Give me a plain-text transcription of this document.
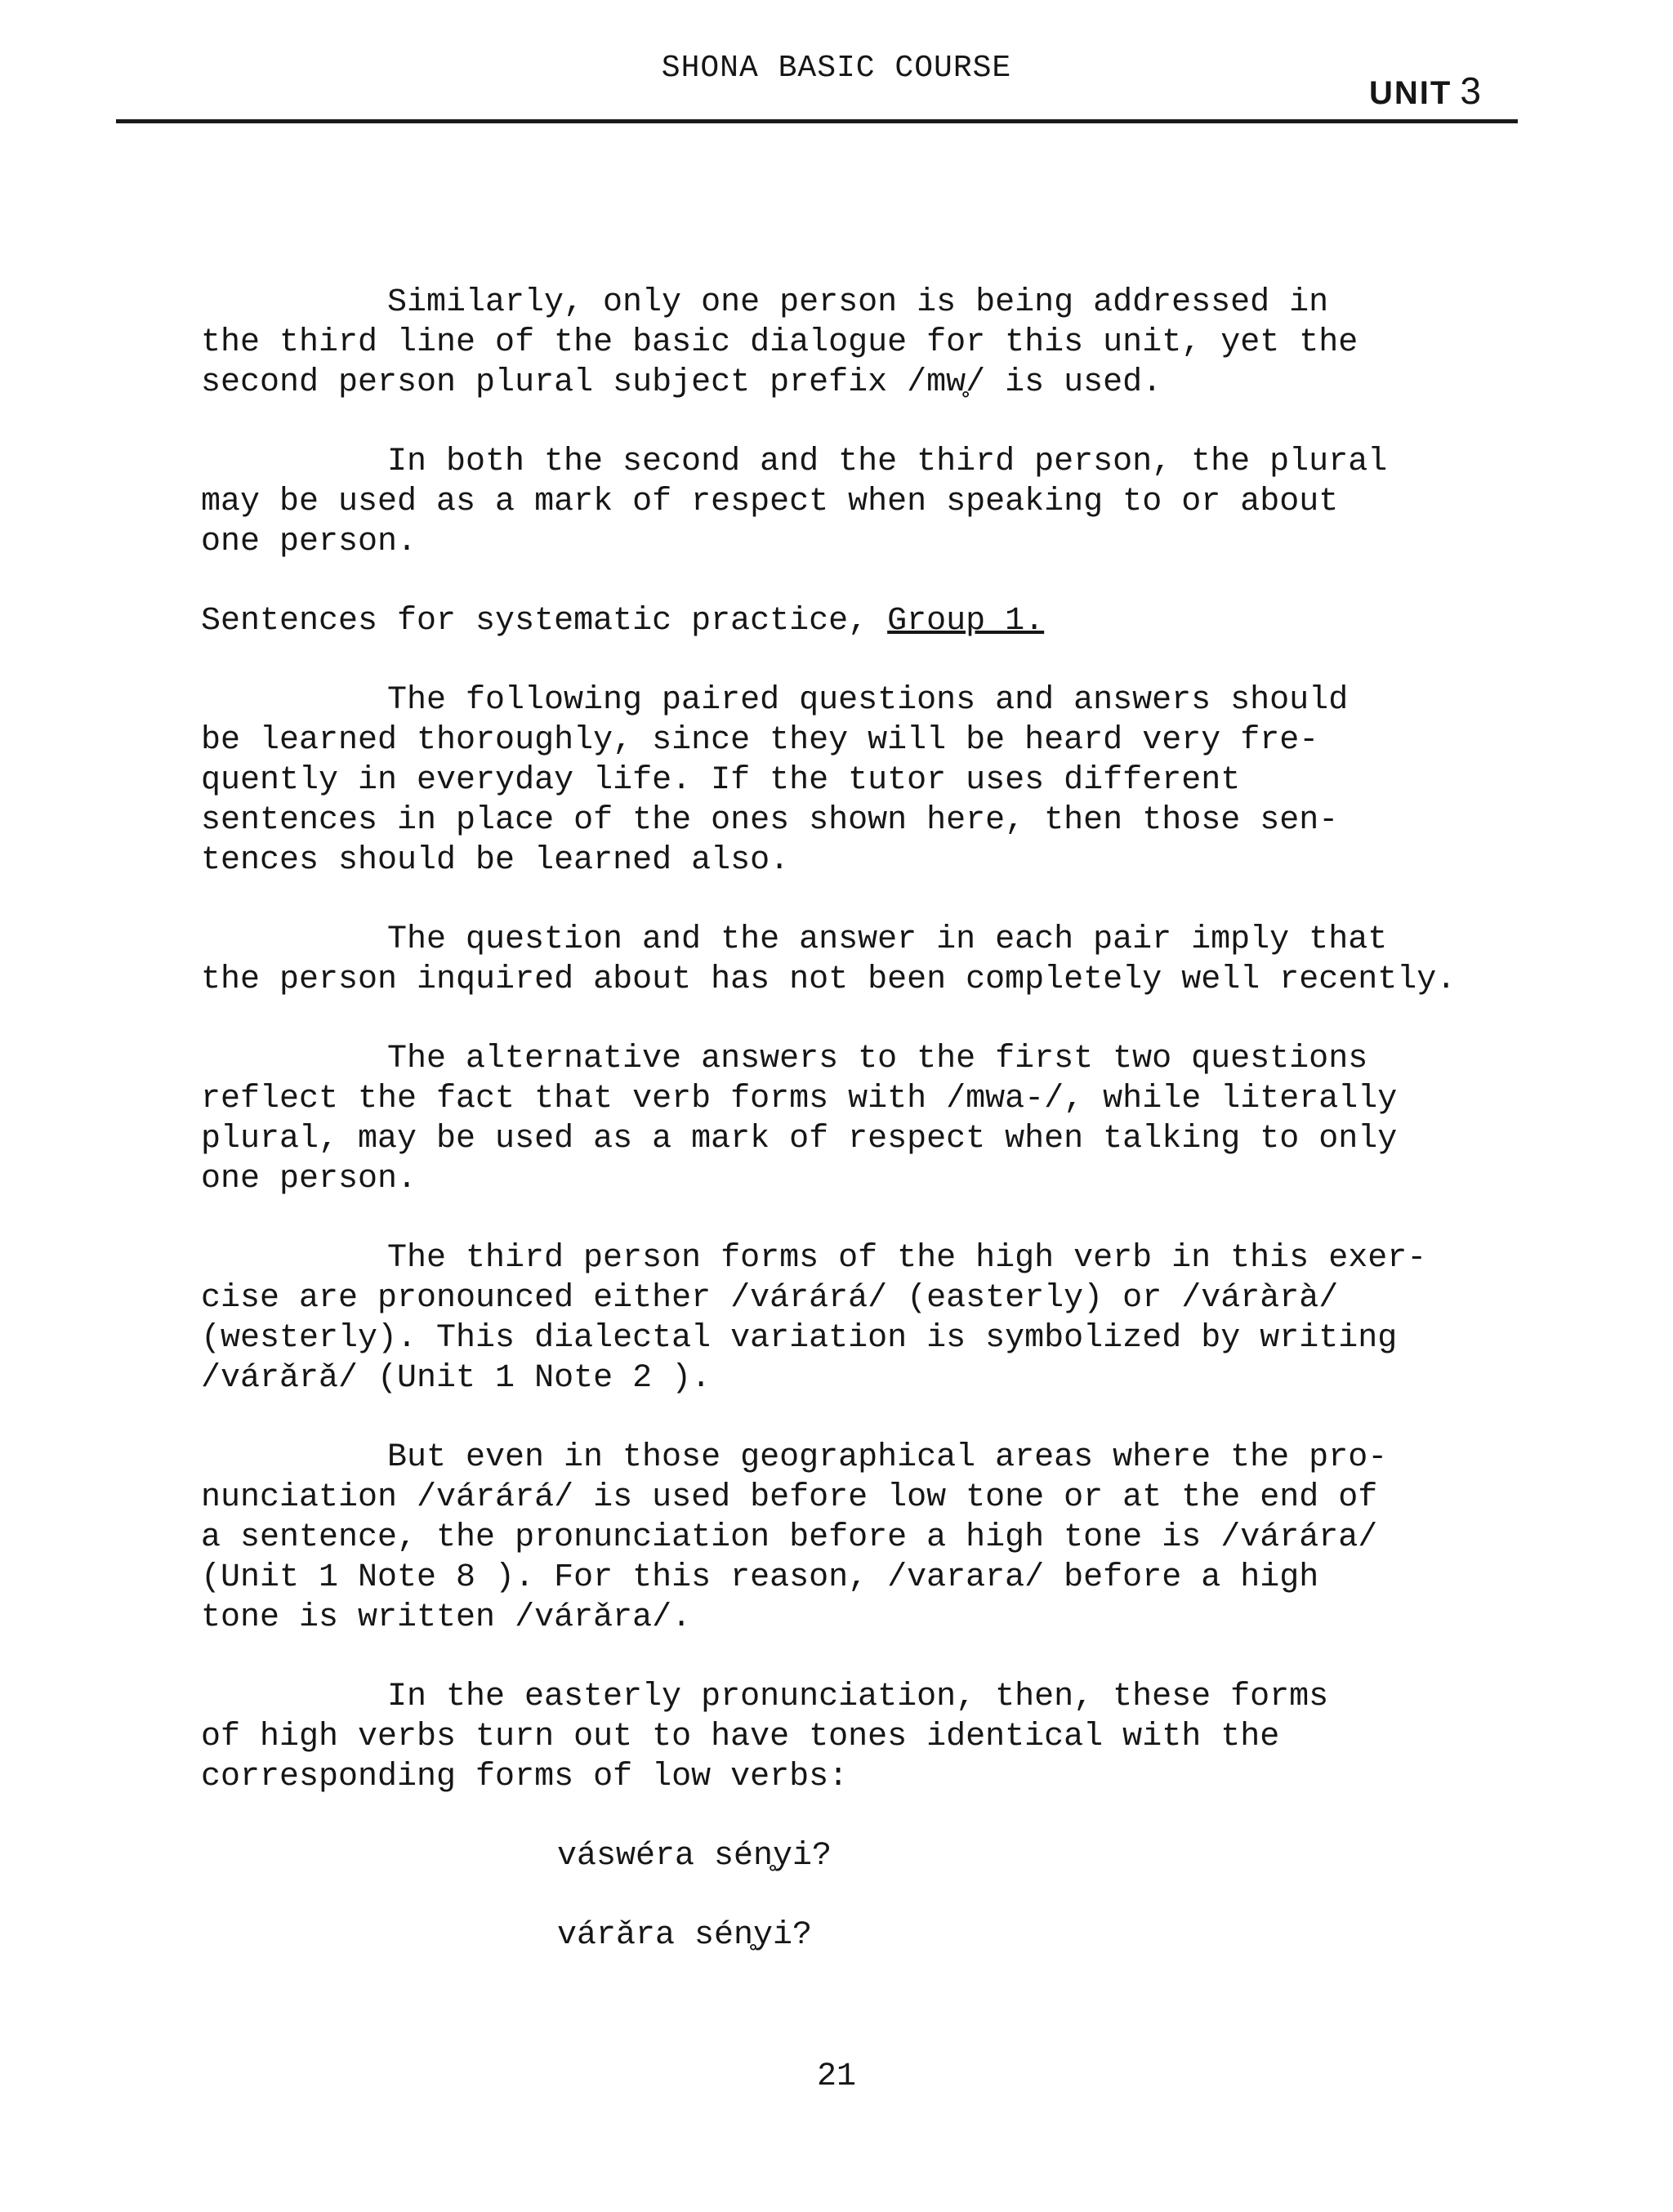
SHONA BASIC COURSE
UNIT 3

Similarly, only one person is being addressed in
the third line of the basic dialogue for this unit, yet the
second person plural subject prefix /mw̥/ is used.

In both the second and the third person, the plural
may be used as a mark of respect when speaking to or about
one person.

Sentences for systematic practice, Group 1.

The following paired questions and answers should
be learned thoroughly, since they will be heard very fre-
quently in everyday life. If the tutor uses different
sentences in place of the ones shown here, then those sen-
tences should be learned also.

The question and the answer in each pair imply that
the person inquired about has not been completely well recently.

The alternative answers to the first two questions
reflect the fact that verb forms with /mwa-/, while literally
plural, may be used as a mark of respect when talking to only
one person.

The third person forms of the high verb in this exer-
cise are pronounced either /várárá/ (easterly) or /váràrà/
(westerly). This dialectal variation is symbolized by writing
/várǎrǎ/ (Unit 1 Note 2 ).

But even in those geographical areas where the pro-
nunciation /várárá/ is used before low tone or at the end of
a sentence, the pronunciation before a high tone is /várára/
(Unit 1 Note 8 ). For this reason, /varara/ before a high
tone is written /várǎra/.

In the easterly pronunciation, then, these forms
of high verbs turn out to have tones identical with the
corresponding forms of low verbs:

váswéra sén̥yi?
várǎra sén̥yi?
21
